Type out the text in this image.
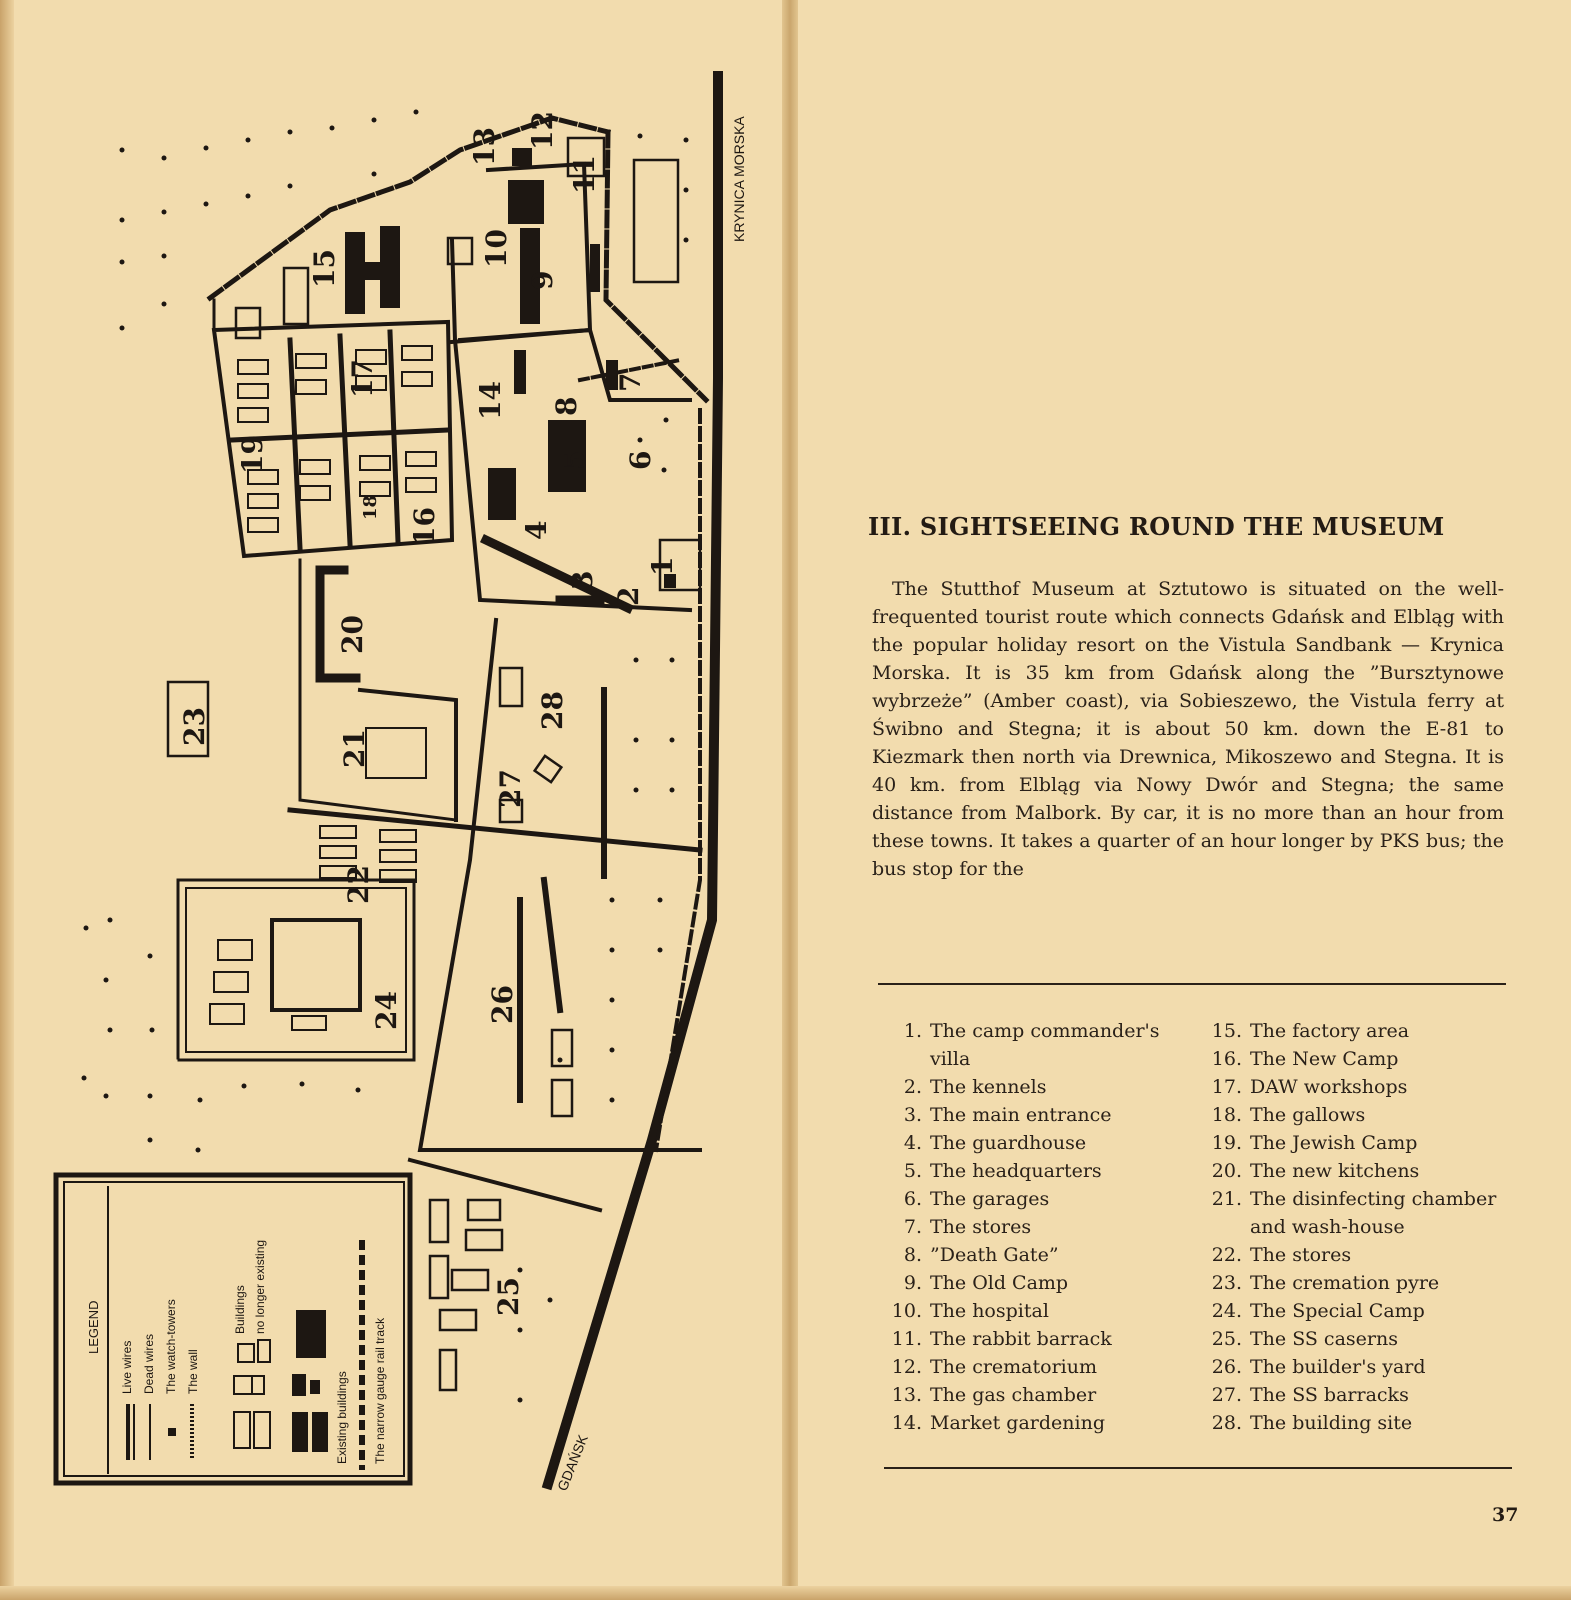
KRYNICA MORSKA
GDAŃSK
1
2
3
4
5 6
7
8
9
10
11
12
13
14
15
16
17
18
19
20
21
22
23
24
25
26
27
28
LEGEND
Live wires Dead wires The watch-towers The wall
Buildings no longer existing
Existing buildings The narrow gauge rail track
III. SIGHTSEEING ROUND THE MUSEUM

The Stutthof Museum at Sztutowo is situated on the well-frequented tourist route which connects Gdańsk and Elbląg with the popular holiday resort on the Vistula Sandbank — Krynica Morska. It is 35 km from Gdańsk along the ”Bursztynowe wybrzeże” (Amber coast), via Sobieszewo, the Vistula ferry at Świbno and Stegna; it is about 50 km. down the E-81 to Kiezmark then north via Drewnica, Mikoszewo and Stegna. It is 40 km. from Elbląg via Nowy Dwór and Stegna; the same distance from Malbork. By car, it is no more than an hour from these towns. It takes a quarter of an hour longer by PKS bus; the bus stop for the

1. The camp commander's villa
2. The kennels
3. The main entrance
4. The guardhouse
5. The headquarters
6. The garages
7. The stores
8. ”Death Gate”
9. The Old Camp
10. The hospital
11. The rabbit barrack
12. The crematorium
13. The gas chamber
14. Market gardening
15. The factory area
16. The New Camp
17. DAW workshops
18. The gallows
19. The Jewish Camp
20. The new kitchens
21. The disinfecting chamber and wash-house
22. The stores
23. The cremation pyre
24. The Special Camp
25. The SS caserns
26. The builder's yard
27. The SS barracks
28. The building site
37
